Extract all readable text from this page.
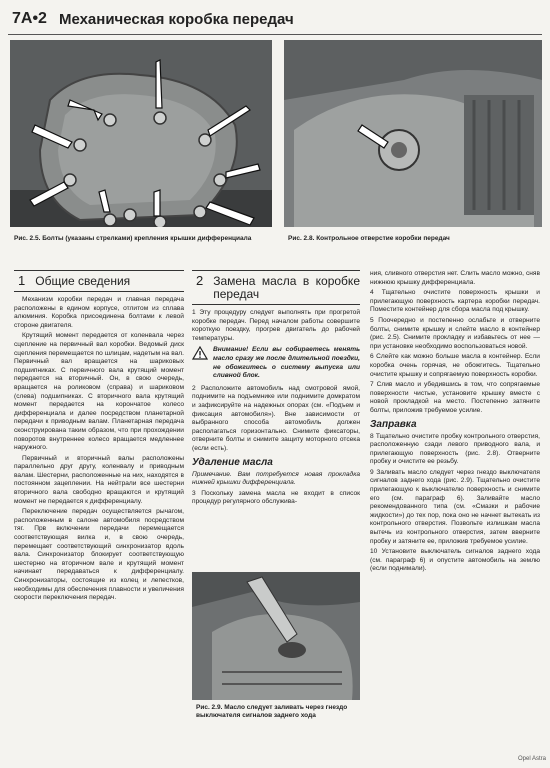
7A•2 Механическая коробка передач
Рис. 2.5. Болты (указаны стрелками) крепления крышки дифференциала	Рис. 2.8. Контрольное отверстие коробки передач
1 Общие сведения

Механизм коробки передач и главная передача расположены в едином корпусе, отлитом из сплава алюминия. Коробка присоединена болтами к левой стороне двигателя.

Крутящий момент передается от коленвала через сцепление на первичный вал коробки. Ведомый диск сцепления перемещается по шлицам, надетым на вал. Первичный вал вращается на шариковых подшипниках. С первичного вала крутящий момент передается на вторичный. Он, в свою очередь, вращается на роликовом (справа) и шариковом (слева) подшипниках. С вторичного вала крутящий момент передается на корончатое колесо дифференциала и далее посредством планетарной передачи к приводным валам. Планетарная передача сконструирована таким образом, что при прохождении поворотов внутреннее колесо вращается медленнее наружного.

Первичный и вторичный валы расположены параллельно друг другу, коленвалу и приводным валам. Шестерни, расположенные на них, находятся в постоянном зацеплении. На нейтрали все шестерни вторичного вала свободно вращаются и крутящий момент не передается к дифференциалу.

Переключение передач осуществляется рычагом, расположенным в салоне автомобиля посредством тяг. Прв включении передачи перемещается соответствующая вилка и, в свою очередь, перемещает соответствующий синхронизатор вдоль вала. Синхронизатор блокирует соответствующую шестерню на вторичном вале и крутящий момент начинает передаваться к дифференциалу. Синхронизаторы, состоящие из колец и лепестков, необходимы для обеспечения плавности и увеличения скорости переключения передач.

2 Замена масла в коробке передач

1 Эту процедуру следует выполнять при прогретой коробке передач. Перед началом работы совершите короткую поездку, прогрев двигатель до рабочей температуры.

Внимание! Если вы собираетесь менять масло сразу же после длительной поездки, не обожгитесь о систему выпуска или сливной блок.

2 Расположите автомобиль над смотровой ямой, поднимите на подъемнике или поднимите домкратом и зафиксируйте на надежных опорах (см. «Подъем и фиксация автомобиля»). Вне зависимости от выбранного способа автомобиль должен располагаться горизонтально. Снимите фиксаторы, отверните болты и снимите защиту моторного отсека (если есть).

Удаление масла

Примечание. Вам потребуется новая прокладка нижней крышки дифференциала.

3 Поскольку замена масла не входит в список процедур регулярного обслужива-

Рис. 2.9. Масло следует заливать через гнездо выключателя сигналов заднего хода

ния, сливного отверстия нет. Слить масло можно, сняв нижнюю крышку дифференциала.

4 Тщательно очистите поверхность крышки и прилегающую поверхность картера коробки передач. Поместите контейнер для сбора масла под крышку.

5 Поочередно и постепенно ослабьте и отверните болты, снимите крышку и слейте масло в контейнер (рис. 2.5). Снимите прокладку и избавьтесь от нее — при установке необходимо воспользоваться новой.

6 Слейте как можно больше масла в контейнер. Если коробка очень горячая, не обожгитесь. Тщательно очистите крышку и сопрягаемую поверхность коробки.

7 Слив масло и убедившись в том, что сопрягаемые поверхности чистые, установите крышку вместе с новой прокладкой на место. Постепенно затяните болты, приложив требуемое усилие.

Заправка

8 Тщательно очистите пробку контрольного отверстия, расположенную сзади левого приводного вала, и прилегающую поверхность (рис. 2.8). Отверните пробку и очистите ее резьбу.

9 Заливать масло следует через гнездо выключателя сигналов заднего хода (рис. 2.9). Тщательно очистите прилегающую к выключателю поверхность и снимите его (см. параграф 6). Заливайте масло рекомендованного типа (см. «Смазки и рабочие жидкости») до тех пор, пока оно не начнет вытекать из контрольного отверстия. Позвольте излишкам масла вытечь из контрольного отверстия, затем вверните пробку и затяните ее, приложив требуемое усилие.

10 Установите выключатель сигналов заднего хода (см. параграф 6) и опустите автомобиль на землю (если поднимали).

Opel Astra
